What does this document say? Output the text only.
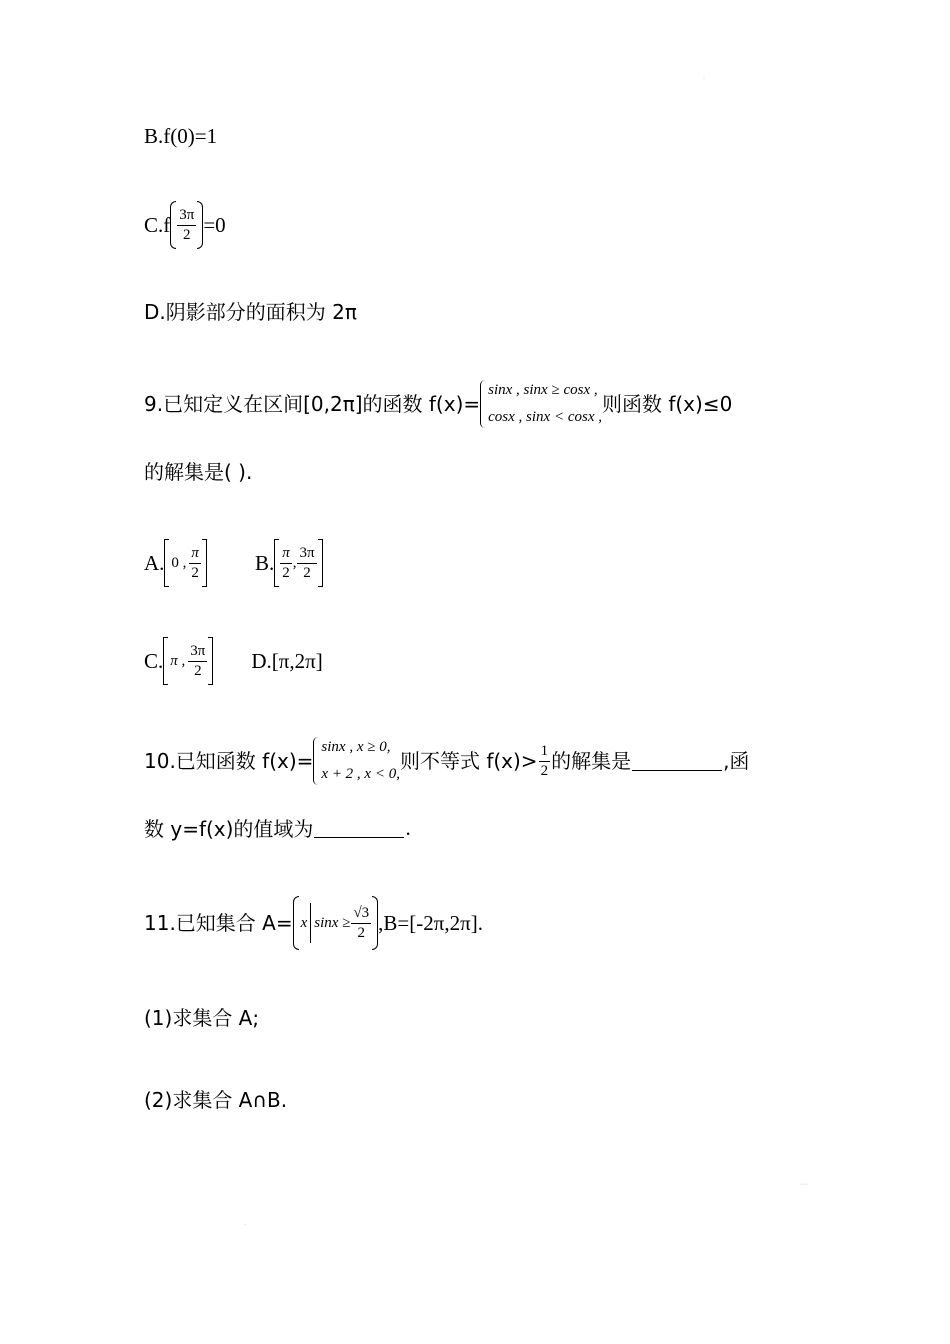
B.f(0)=1
$C.f \frac{3\pi}{2} =0$
D.阴影部分的面积为 2π
9.已知定义在区间[0,2π]的函数 f(x)=
sinx , sinx ≥ cosx ,
cosx , sinx < cosx ,
则函数 f(x)≤0
的解集是( ).
A. 0 , $\frac{\pi}{2}$	B. $\frac{\pi}{2}$ , $\frac{3\pi}{2}$
C. π , $\frac{3\pi}{2} D.[\pi,2\pi]$
10.已知函数 f(x)=
sinx , x ≥ 0,
x + 2 , x < 0,
则不等式 $f(x)> \frac{1}{2}$ 的解集是	,函
数 y=f(x)的值域为	.
11.已知集合 A= x $\sin x \ge \frac{√3}{2} ,B=[-2\pi,2\pi]$.
(1)求集合 A;
(2)求集合 A∩B.
·
····
·
